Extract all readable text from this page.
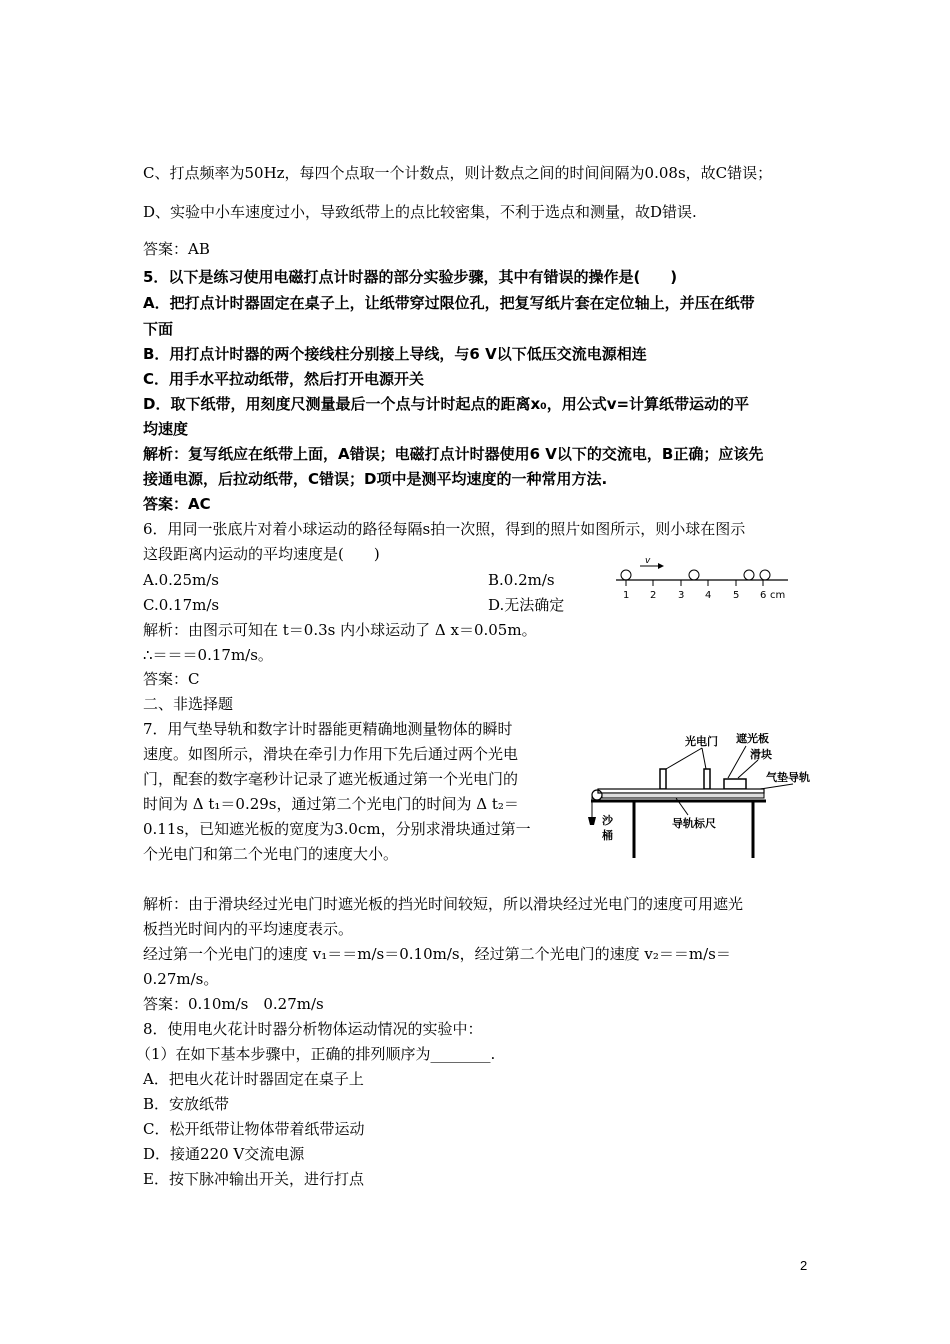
C、打点频率为50Hz，每四个点取一个计数点，则计数点之间的时间间隔为0.08s，故C错误；
D、实验中小车速度过小，导致纸带上的点比较密集，不利于选点和测量，故D错误.
答案：AB
5．以下是练习使用电磁打点计时器的部分实验步骤，其中有错误的操作是(　　)
A．把打点计时器固定在桌子上，让纸带穿过限位孔，把复写纸片套在定位轴上，并压在纸带
下面
B．用打点计时器的两个接线柱分别接上导线，与6 V以下低压交流电源相连
C．用手水平拉动纸带，然后打开电源开关
D．取下纸带，用刻度尺测量最后一个点与计时起点的距离x₀，用公式v=计算纸带运动的平
均速度
解析：复写纸应在纸带上面，A错误；电磁打点计时器使用6 V以下的交流电，B正确；应该先
接通电源，后拉动纸带，C错误；D项中是测平均速度的一种常用方法.
答案：AC
6．用同一张底片对着小球运动的路径每隔s拍一次照，得到的照片如图所示，则小球在图示
这段距离内运动的平均速度是(　　)
A.0.25m/s	B.0.2m/s
C.0.17m/s	D.无法确定
v
1 2 3 4 5 6 cm
解析：由图示可知在 t＝0.3s 内小球运动了 Δ x＝0.05m。
∴＝＝＝0.17m/s。
答案：C
二、非选择题
7．用气垫导轨和数字计时器能更精确地测量物体的瞬时
速度。如图所示，滑块在牵引力作用下先后通过两个光电
门，配套的数字毫秒计记录了遮光板通过第一个光电门的
时间为 Δ t₁＝0.29s，通过第二个光电门的时间为 Δ t₂＝
0.11s，已知遮光板的宽度为3.0cm，分别求滑块通过第一
个光电门和第二个光电门的速度大小。
光电门 遮光板
滑块
气垫导轨
沙
桶
导轨标尺
解析：由于滑块经过光电门时遮光板的挡光时间较短，所以滑块经过光电门的速度可用遮光
板挡光时间内的平均速度表示。
经过第一个光电门的速度 v₁＝＝m/s＝0.10m/s，经过第二个光电门的速度 v₂＝＝m/s＝
0.27m/s。
答案：0.10m/s　0.27m/s
8．使用电火花计时器分析物体运动情况的实验中：
（1）在如下基本步骤中，正确的排列顺序为________.
A．把电火花计时器固定在桌子上
B．安放纸带
C．松开纸带让物体带着纸带运动
D．接通220 V交流电源
E．按下脉冲输出开关，进行打点
2
